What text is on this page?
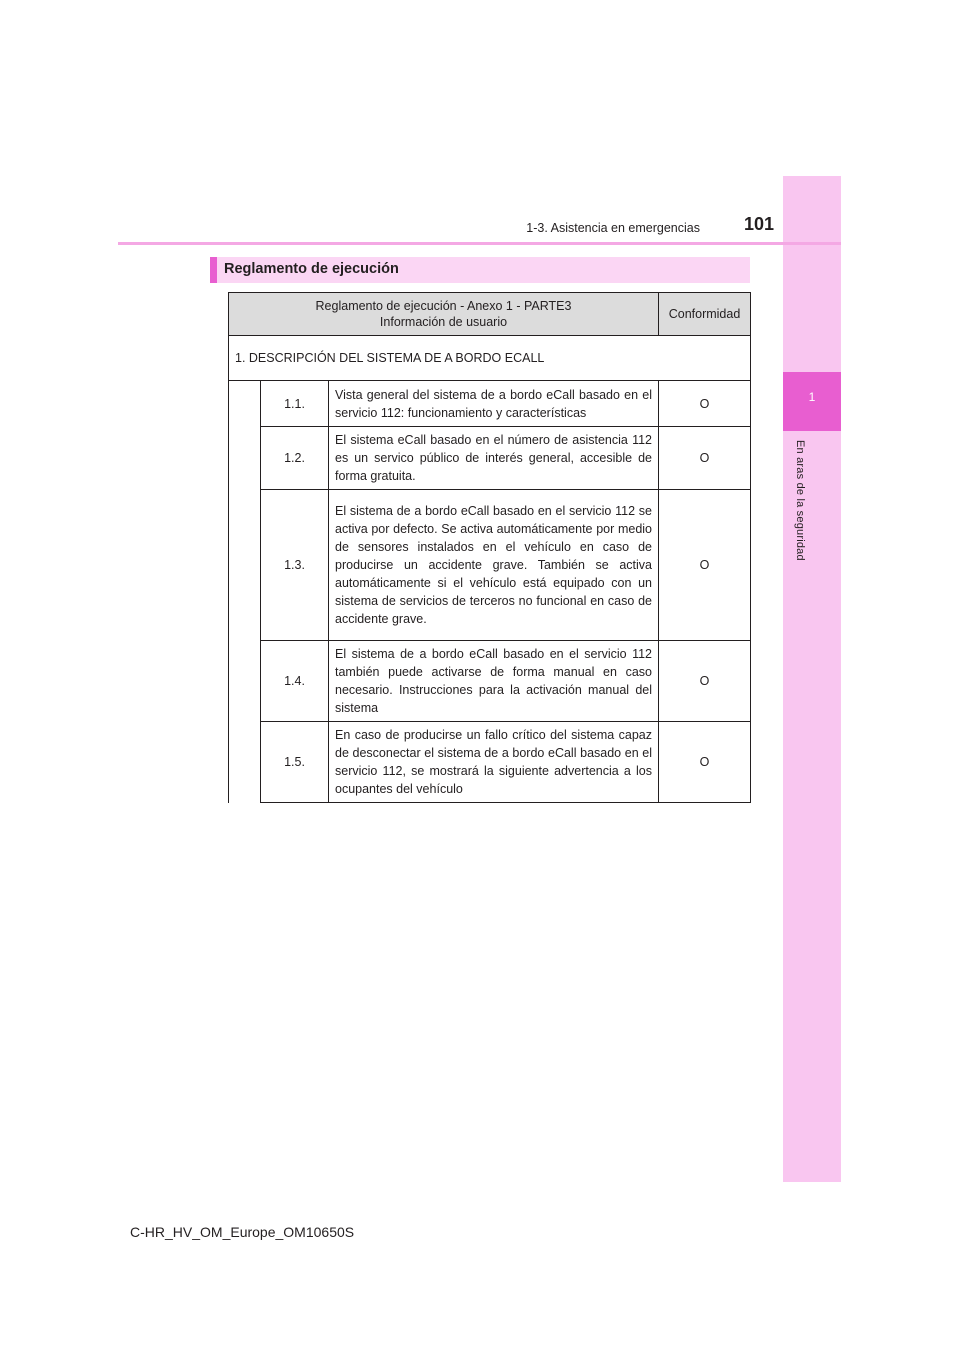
1
En aras de la seguridad
1-3. Asistencia en emergencias	101
Reglamento de ejecución
Reglamento de ejecución - Anexo 1 - PARTE3
Información de usuario			Conformidad
1. DESCRIPCIÓN DEL SISTEMA DE A BORDO ECALL			
	1.1.	Vista general del sistema de a bordo eCall basado en el servicio 112: funcionamiento y características	O
	1.2.	El sistema eCall basado en el número de asistencia 112 es un servico público de interés general, accesible de forma gratuita.	O
	1.3.	El sistema de a bordo eCall basado en el servicio 112 se activa por defecto. Se activa automáticamente por medio de sensores instalados en el vehículo en caso de producirse un accidente grave. También se activa automáticamente si el vehículo está equipado con un sistema de servicios de terceros no funcional en caso de accidente grave.	O
	1.4.	El sistema de a bordo eCall basado en el servicio 112 también puede activarse de forma manual en caso necesario. Instrucciones para la activación manual del sistema	O
	1.5.	En caso de producirse un fallo crítico del sistema capaz de desconectar el sistema de a bordo eCall basado en el servicio 112, se mostrará la siguiente advertencia a los ocupantes del vehículo	O
C-HR_HV_OM_Europe_OM10650S
